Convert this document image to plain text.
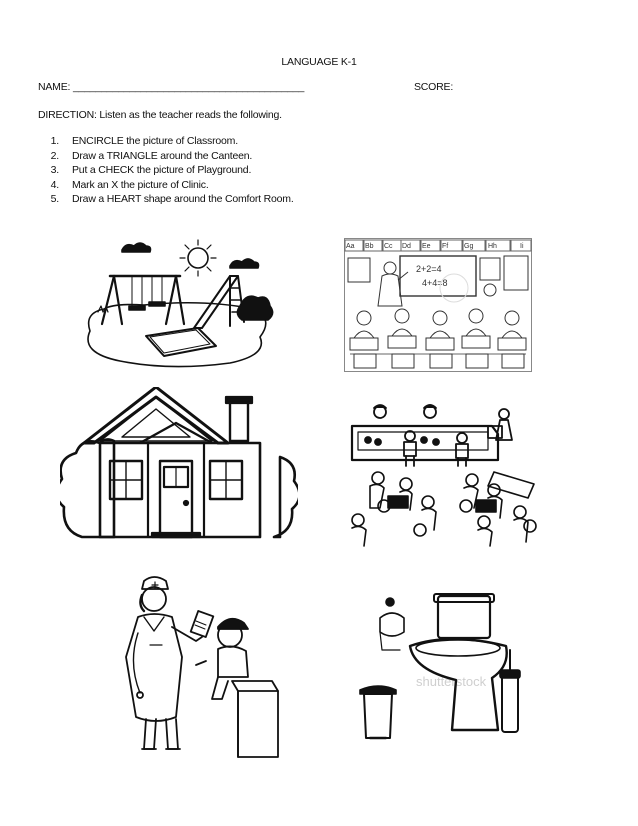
LANGUAGE K-1
NAME: _________________________________________	SCORE:
DIRECTION: Listen as the teacher reads the following.
1. ENCIRCLE the picture of Classroom.
2. Draw a TRIANGLE around the Canteen.
3. Put a CHECK the picture of Playground.
4. Mark an X the picture of Clinic.
5. Draw a HEART shape around the Comfort Room.
Aa Bb Cc Dd Ee Ff Gg Hh	Ii
2+2=4
4+4=8
shutterstock
